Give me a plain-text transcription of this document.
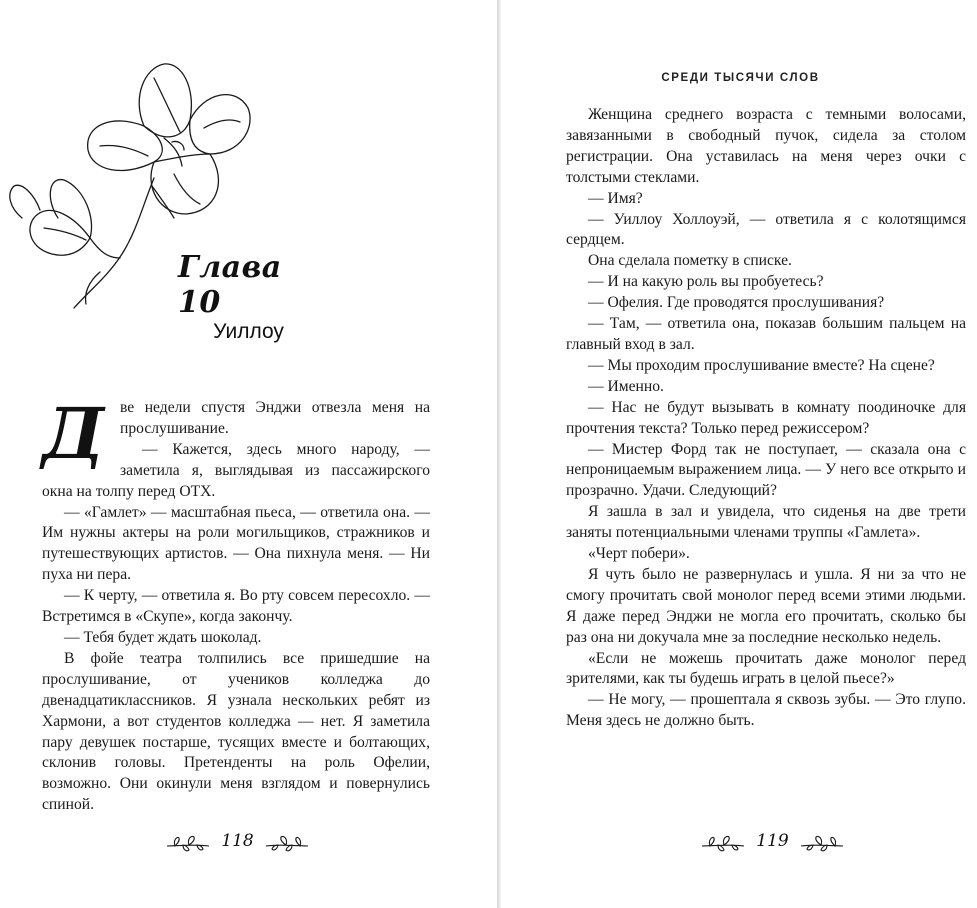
Глава 10
Уиллоу
Д	ве недели спустя Энджи отвезла меня на прослушивание.

— Кажется, здесь много народу, — заметила я, выглядывая из пассажирского окна на толпу перед ОТХ.

— «Гамлет» — масштабная пьеса, — ответила она. — Им нужны актеры на роли могильщиков, стражников и путешествующих артистов. — Она пихнула меня. — Ни пуха ни пера.

— К черту, — ответила я. Во рту совсем пересохло. — Встретимся в «Скупе», когда закончу.

— Тебя будет ждать шоколад.

В фойе театра толпились все пришедшие на прослушивание, от учеников колледжа до двенадцатиклассников. Я узнала нескольких ребят из Хармони, а вот студентов колледжа — нет. Я заметила пару девушек постарше, тусящих вместе и болтающих, склонив головы. Претенденты на роль Офелии, возможно. Они окинули меня взглядом и повернулись спиной.

118
СРЕДИ ТЫСЯЧИ СЛОВ

Женщина среднего возраста с темными волосами, завязанными в свободный пучок, сидела за столом регистрации. Она уставилась на меня через очки с толстыми стеклами.

— Имя?

— Уиллоу Холлоуэй, — ответила я с колотящимся сердцем.

Она сделала пометку в списке.

— И на какую роль вы пробуетесь?

— Офелия. Где проводятся прослушивания?

— Там, — ответила она, показав большим пальцем на главный вход в зал.

— Мы проходим прослушивание вместе? На сцене?

— Именно.

— Нас не будут вызывать в комнату поодиночке для прочтения текста? Только перед режиссером?

— Мистер Форд так не поступает, — сказала она с непроницаемым выражением лица. — У него все открыто и прозрачно. Удачи. Следующий?

Я зашла в зал и увидела, что сиденья на две трети заняты потенциальными членами труппы «Гамлета».

«Черт побери».

Я чуть было не развернулась и ушла. Я ни за что не смогу прочитать свой монолог перед всеми этими людьми. Я даже перед Энджи не могла его прочитать, сколько бы раз она ни докучала мне за последние несколько недель.

«Если не можешь прочитать даже монолог перед зрителями, как ты будешь играть в целой пьесе?»

— Не могу, — прошептала я сквозь зубы. — Это глупо. Меня здесь не должно быть.

119
